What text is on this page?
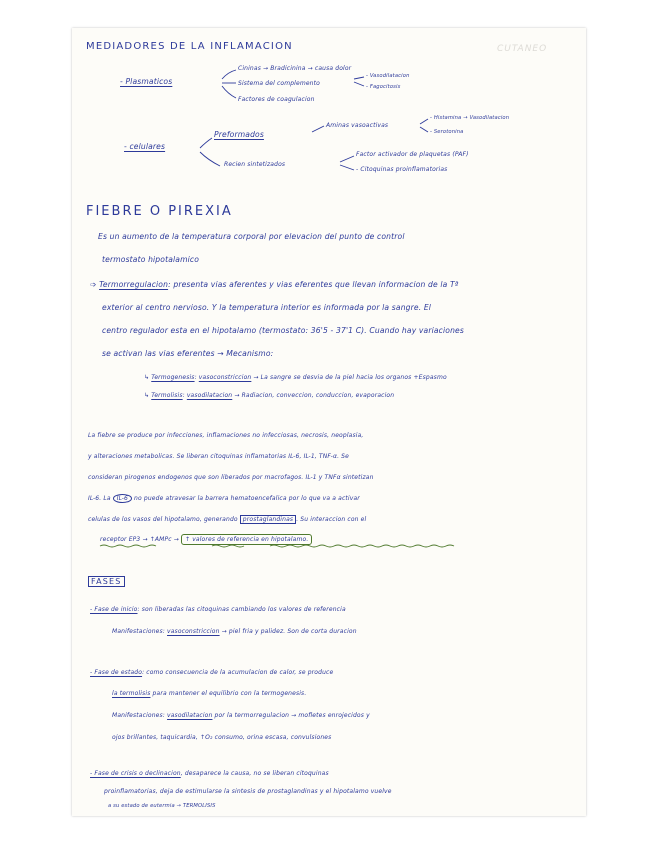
CUTANEO
MEDIADORES DE LA INFLAMACION
- Plasmaticos
Cininas → Bradicinina → causa dolor
Sistema del complemento
- Vasodilatacion
- Fagocitosis
Factores de coagulacion
- celulares
Preformados
Aminas vasoactivas
- Histamina → Vasodilatacion
- Serotonina
Recien sintetizados
Factor activador de plaquetas (PAF)
- Citoquinas proinflamatorias
FIEBRE O PIREXIA
Es un aumento de la temperatura corporal por elevacion del punto de control
termostato hipotalamico
➩ Termorregulacion: presenta vias aferentes y vias eferentes que llevan informacion de la Tª
exterior al centro nervioso. Y la temperatura interior es informada por la sangre. El
centro regulador esta en el hipotalamo (termostato: 36'5 - 37'1 C). Cuando hay variaciones
se activan las vias eferentes → Mecanismo:
↳ Termogenesis: vasoconstriccion → La sangre se desvia de la piel hacia los organos +Espasmo
↳ Termolisis: vasodilatacion → Radiacion, conveccion, conduccion, evaporacion
La fiebre se produce por infecciones, inflamaciones no infecciosas, necrosis, neoplasia,
y alteraciones metabolicas. Se liberan citoquinas inflamatorias IL-6, IL-1, TNF-α. Se
consideran pirogenos endogenos que son liberados por macrofagos. IL-1 y TNFα sintetizan
IL-6. La IL-6 no puede atravesar la barrera hematoencefalica por lo que va a activar
celulas de los vasos del hipotalamo, generando prostaglandinas . Su interaccion con el
receptor EP3 → ↑AMPc → ↑ valores de referencia en hipotalamo.
FASES
- Fase de inicio: son liberadas las citoquinas cambiando los valores de referencia
Manifestaciones: vasoconstriccion → piel fria y palidez. Son de corta duracion
- Fase de estado: como consecuencia de la acumulacion de calor, se produce
la termolisis para mantener el equilibrio con la termogenesis.
Manifestaciones: vasodilatacion por la termorregulacion → mofletes enrojecidos y
ojos brillantes, taquicardia, ↑O₂ consumo, orina escasa, convulsiones
- Fase de crisis o declinacion, desaparece la causa, no se liberan citoquinas
proinflamatorias, deja de estimularse la sintesis de prostaglandinas y el hipotalamo vuelve
a su estado de eutermia → TERMOLISIS
